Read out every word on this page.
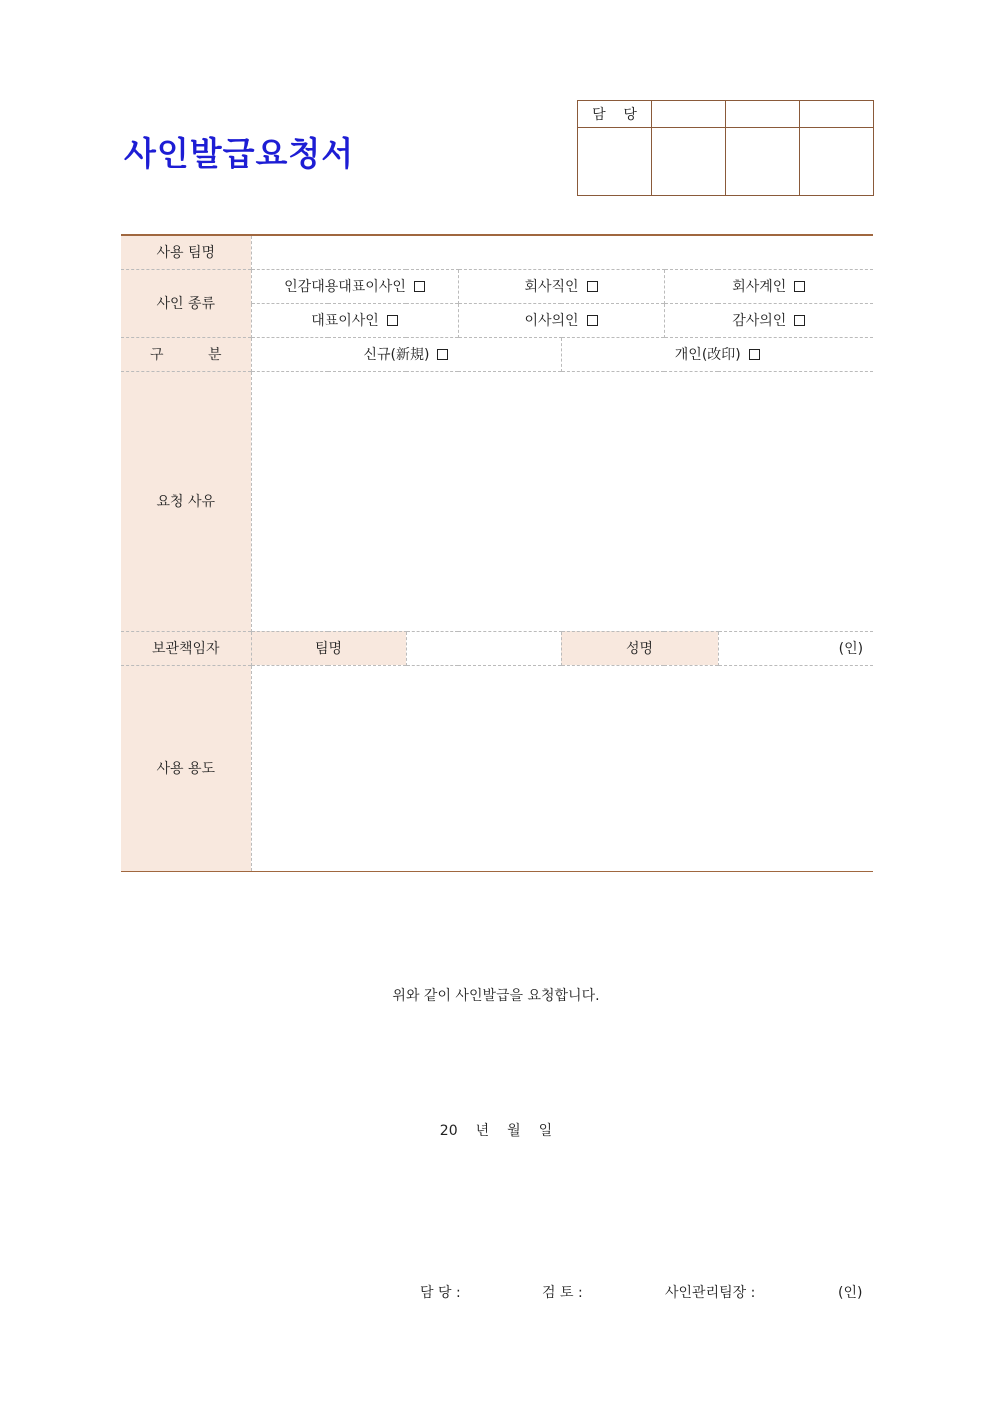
사인발급요청서
담    당			

사용 팀명						
사인 종류	인감대용대표이사인		회사직인		회사계인	
	대표이사인		이사의인		감사의인	
구          분	신규(新規)			개인(改印)		
요청 사유						
보관책임자	팀명			성명		(인)
사용 용도						
위와 같이 사인발급을 요청합니다.
20 년 월 일
담 당 :	검 토 :	사인관리팀장 :	(인)
